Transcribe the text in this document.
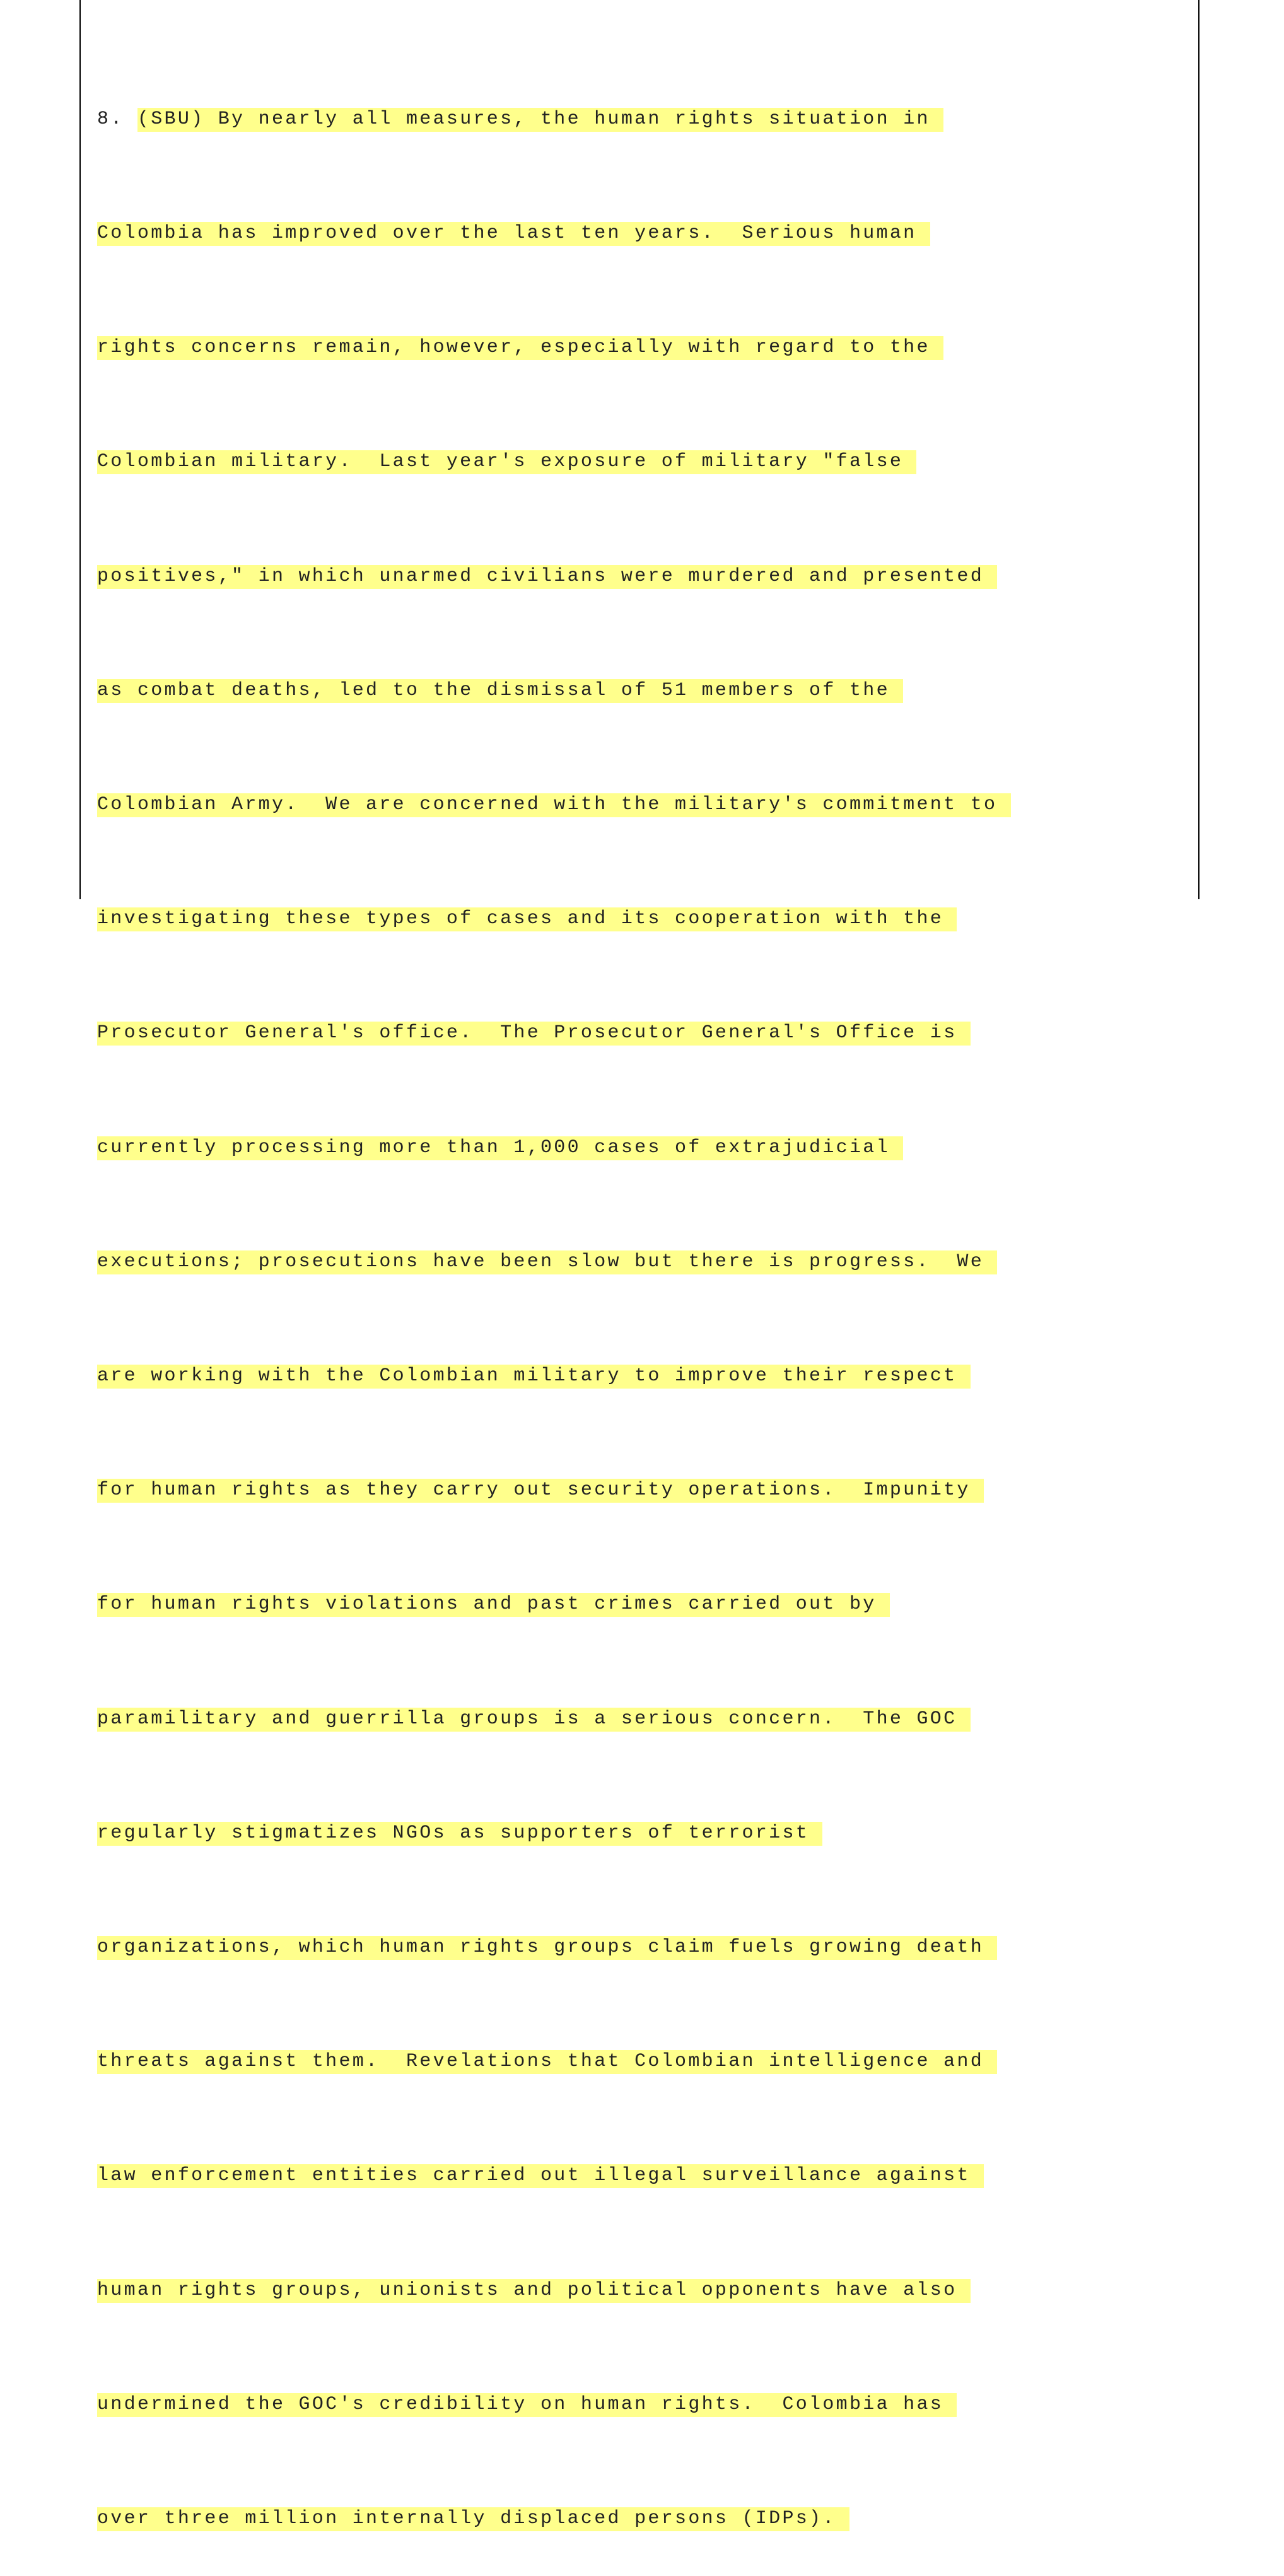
8. (SBU) By nearly all measures, the human rights situation in

Colombia has improved over the last ten years.  Serious human

rights concerns remain, however, especially with regard to the

Colombian military.  Last year's exposure of military "false

positives," in which unarmed civilians were murdered and presented

as combat deaths, led to the dismissal of 51 members of the

Colombian Army.  We are concerned with the military's commitment to

investigating these types of cases and its cooperation with the

Prosecutor General's office.  The Prosecutor General's Office is

currently processing more than 1,000 cases of extrajudicial

executions; prosecutions have been slow but there is progress.  We

are working with the Colombian military to improve their respect

for human rights as they carry out security operations.  Impunity

for human rights violations and past crimes carried out by

paramilitary and guerrilla groups is a serious concern.  The GOC

regularly stigmatizes NGOs as supporters of terrorist

organizations, which human rights groups claim fuels growing death

threats against them.  Revelations that Colombian intelligence and

law enforcement entities carried out illegal surveillance against

human rights groups, unionists and political opponents have also

undermined the GOC's credibility on human rights.  Colombia has

over three million internally displaced persons (IDPs).
